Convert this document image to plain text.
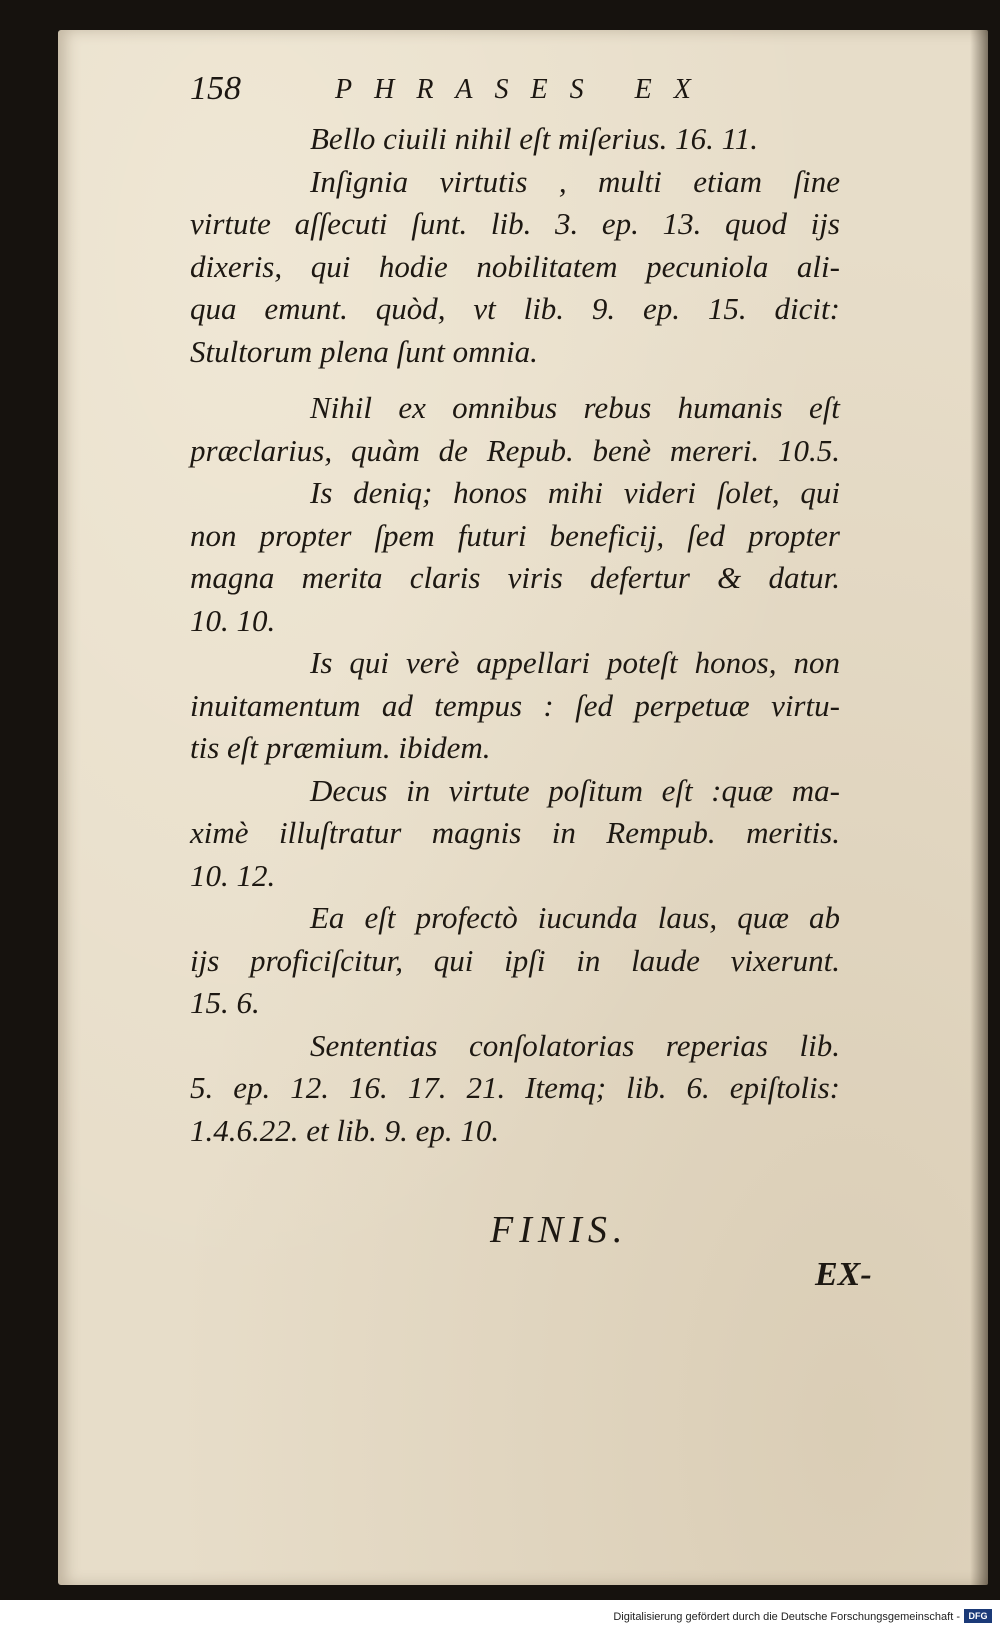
158	PHRASES EX
Bello ciuili nihil eſt miſerius. 16. 11.
Inſignia virtutis , multi etiam ſine
virtute aſſecuti ſunt. lib. 3. ep. 13. quod ijs
dixeris, qui hodie nobilitatem pecuniola ali-
qua emunt. quòd, vt lib. 9. ep. 15. dicit:
Stultorum plena ſunt omnia.
Nihil ex omnibus rebus humanis eſt
præclarius, quàm de Repub. benè mereri. 10.5.
Is deniq; honos mihi videri ſolet, qui
non propter ſpem futuri beneficij, ſed propter
magna merita claris viris defertur & datur.
10. 10.
Is qui verè appellari poteſt honos, non
inuitamentum ad tempus : ſed perpetuæ virtu-
tis eſt præmium. ibidem.
Decus in virtute poſitum eſt :quæ ma-
ximè illuſtratur magnis in Rempub. meritis.
10. 12.
Ea eſt profectò iucunda laus, quæ ab
ijs proficiſcitur, qui ipſi in laude vixerunt.
15. 6.
Sententias conſolatorias reperias lib.
5. ep. 12. 16. 17. 21. Itemq; lib. 6. epiſtolis:
1.4.6.22. et lib. 9. ep. 10.
FINIS.
EX-
Digitalisierung gefördert durch die Deutsche Forschungsgemeinschaft - DFG
